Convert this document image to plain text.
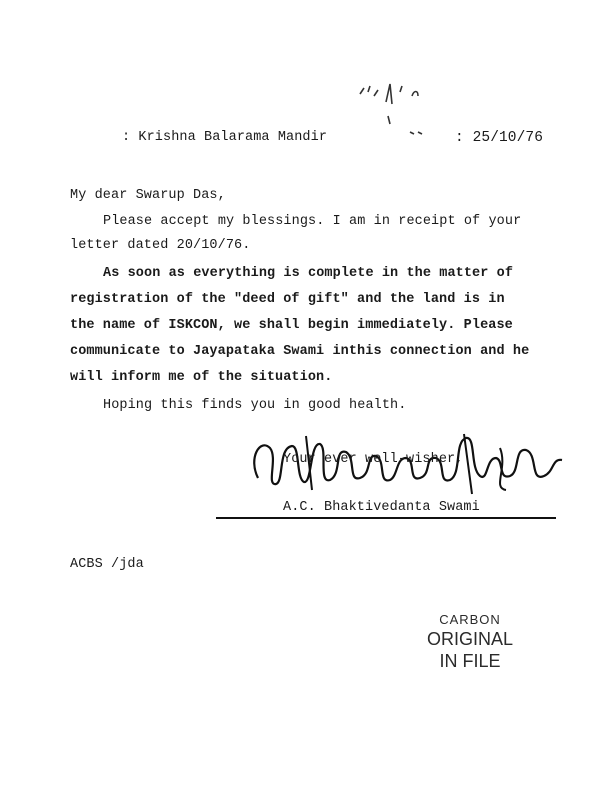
: Krishna Balarama Mandir	: 25/10/76
My dear Swarup Das,
Please accept my blessings. I am in receipt of your
letter dated 20/10/76.
As soon as everything is complete in the matter of
registration of the "deed of gift" and the land is in
the name of ISKCON, we shall begin immediately. Please
communicate to Jayapataka Swami inthis connection and he
will inform me of the situation.
Hoping this finds you in good health.
Your ever well-wisher,
A.C. Bhaktivedanta Swami
ACBS /jda
CARBON
ORIGINAL
IN FILE
